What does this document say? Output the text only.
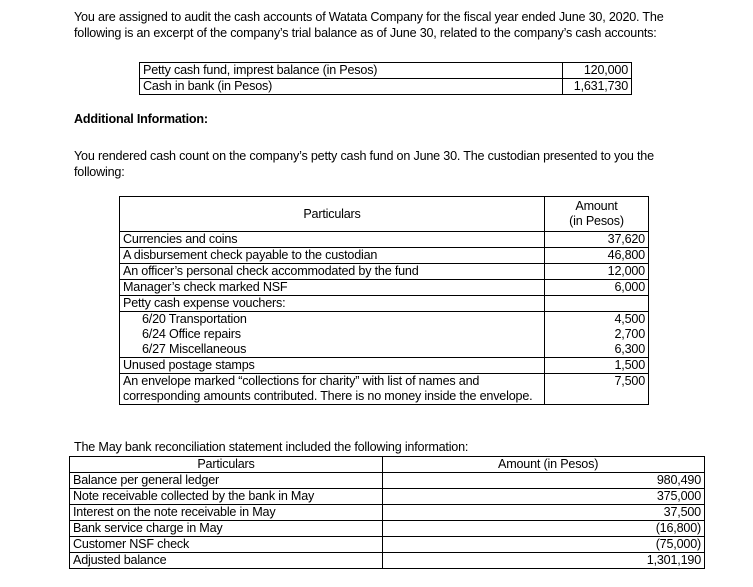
You are assigned to audit the cash accounts of Watata Company for the fiscal year ended June 30, 2020. The following is an excerpt of the company’s trial balance as of June 30, related to the company’s cash accounts:

Petty cash fund, imprest balance (in Pesos)	120,000
Cash in bank (in Pesos)	1,631,730
Additional Information:

You rendered cash count on the company’s petty cash fund on June 30. The custodian presented to you the following:

Particulars	Amount
(in Pesos)

Currencies and coins	37,620
A disbursement check payable to the custodian	46,800
An officer’s personal check accommodated by the fund	12,000
Manager’s check marked NSF	6,000
Petty cash expense vouchers:	
6/20 Transportation	4,500
6/24 Office repairs	2,700
6/27 Miscellaneous	6,300
Unused postage stamps	1,500
An envelope marked “collections for charity” with list of names and	7,500
corresponding amounts contributed. There is no money inside the envelope.	
The May bank reconciliation statement included the following information:
Particulars	Amount (in Pesos)
Balance per general ledger	980,490
Note receivable collected by the bank in May	375,000
Interest on the note receivable in May	37,500
Bank service charge in May	(16,800)
Customer NSF check	(75,000)
Adjusted balance	1,301,190
